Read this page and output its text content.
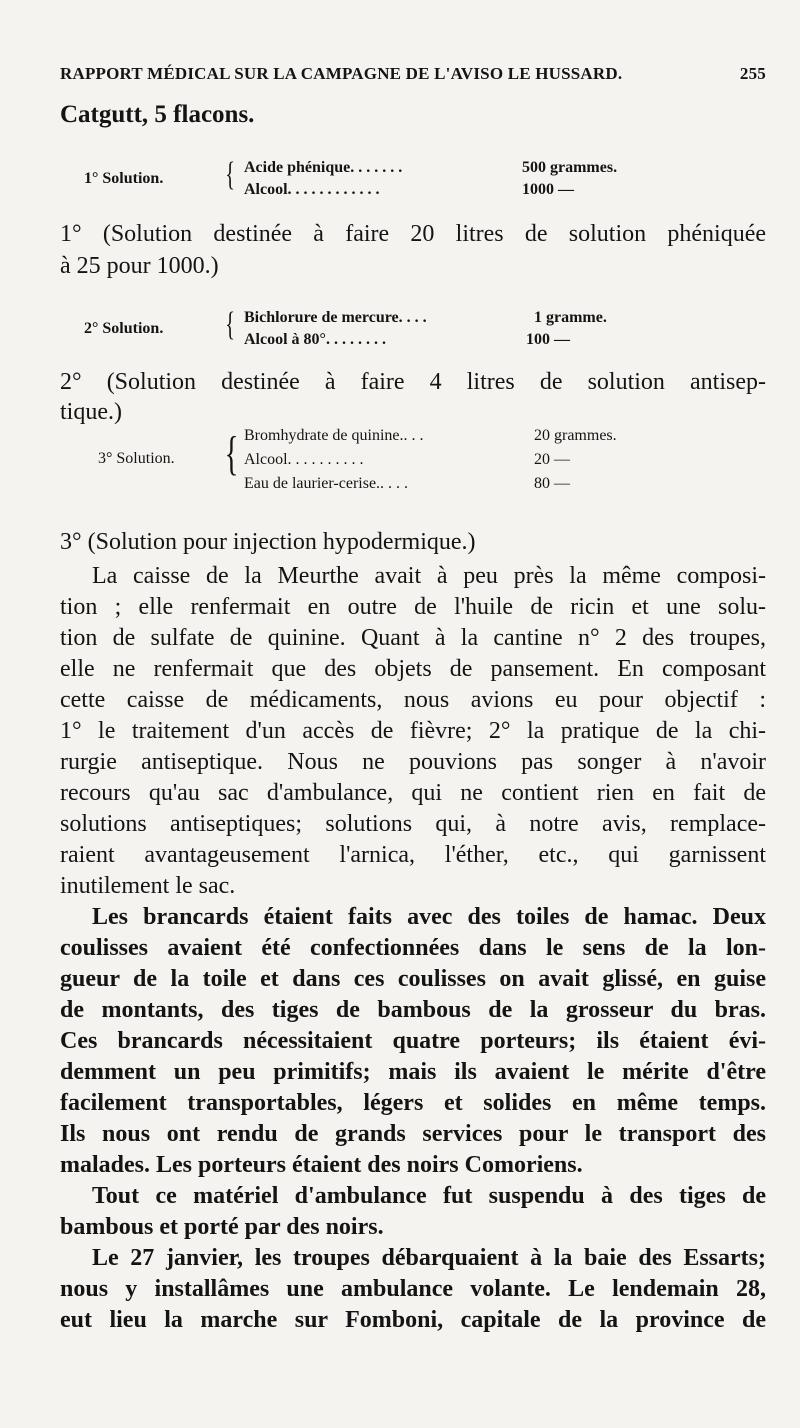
RAPPORT MÉDICAL SUR LA CAMPAGNE DE L'AVISO LE HUSSARD.	255
Catgutt, 5 flacons.
1° Solution. { Acide phénique. . . . . . .	500 grammes.
Alcool. . . . . . . . . . . .	1000 —
1° (Solution destinée à faire 20 litres de solution phéniquée
à 25 pour 1000.)
2° Solution. { Bichlorure de mercure. . . .	1 gramme.
Alcool à 80°. . . . . . . .	100 —
2° (Solution destinée à faire 4 litres de solution antisep-
tique.)
3° Solution. { Bromhydrate de quinine.. . .	20 grammes.
Alcool. . . . . . . . . .	20 —
Eau de laurier-cerise.. . . .	80 —
3° (Solution pour injection hypodermique.)
La caisse de la Meurthe avait à peu près la même composi-
tion ; elle renfermait en outre de l'huile de ricin et une solu-
tion de sulfate de quinine. Quant à la cantine n° 2 des troupes,
elle ne renfermait que des objets de pansement. En composant
cette caisse de médicaments, nous avions eu pour objectif :
1° le traitement d'un accès de fièvre; 2° la pratique de la chi-
rurgie antiseptique. Nous ne pouvions pas songer à n'avoir
recours qu'au sac d'ambulance, qui ne contient rien en fait de
solutions antiseptiques; solutions qui, à notre avis, remplace-
raient avantageusement l'arnica, l'éther, etc., qui garnissent
inutilement le sac.
Les brancards étaient faits avec des toiles de hamac. Deux
coulisses avaient été confectionnées dans le sens de la lon-
gueur de la toile et dans ces coulisses on avait glissé, en guise
de montants, des tiges de bambous de la grosseur du bras.
Ces brancards nécessitaient quatre porteurs; ils étaient évi-
demment un peu primitifs; mais ils avaient le mérite d'être
facilement transportables, légers et solides en même temps.
Ils nous ont rendu de grands services pour le transport des
malades. Les porteurs étaient des noirs Comoriens.
Tout ce matériel d'ambulance fut suspendu à des tiges de
bambous et porté par des noirs.
Le 27 janvier, les troupes débarquaient à la baie des Essarts;
nous y installâmes une ambulance volante. Le lendemain 28,
eut lieu la marche sur Fomboni, capitale de la province de
